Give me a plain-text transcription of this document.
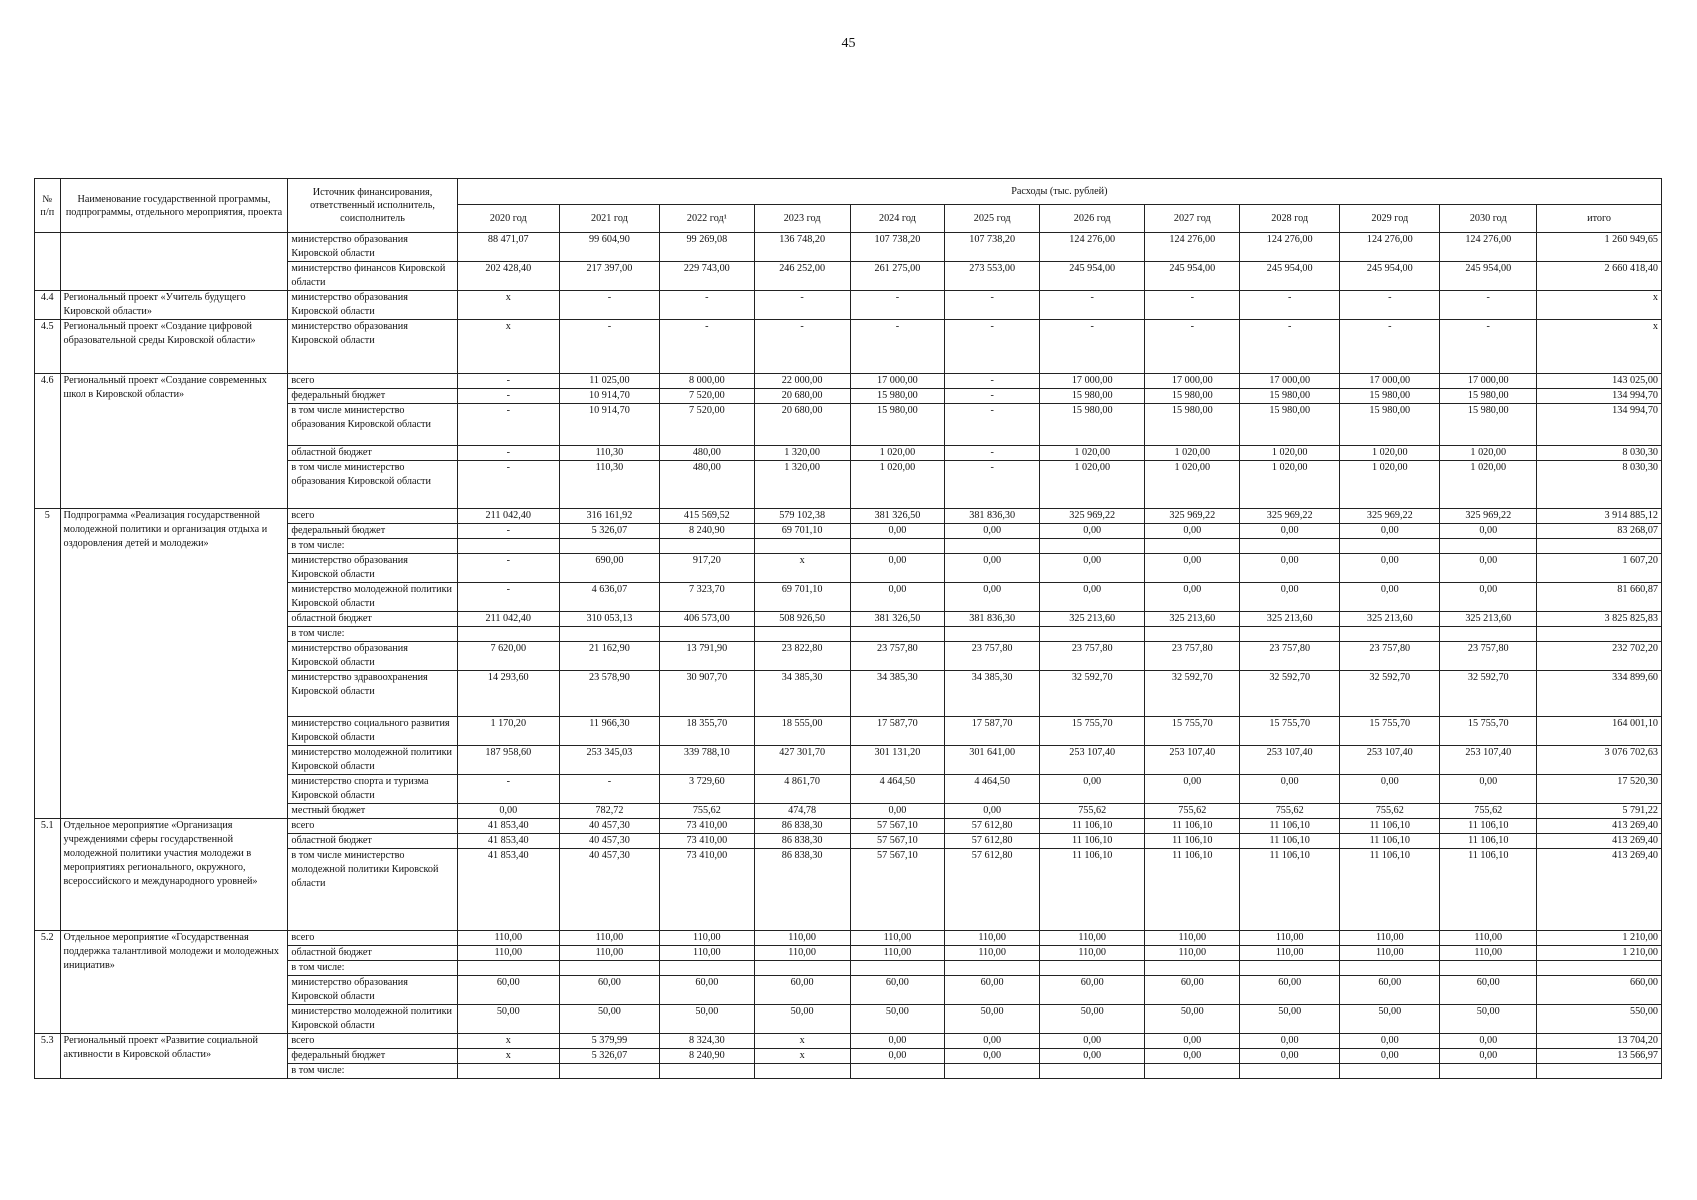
45
№ п/п	Наименование государственной программы, подпрограммы, отдельного мероприятия, проекта	Источник финансирования, ответственный исполнитель, соисполнитель	Расходы (тыс. рублей)											
			2020 год	2021 год	2022 год¹	2023 год	2024 год	2025 год	2026 год	2027 год	2028 год	2029 год	2030 год	итого
		министерство образования Кировской области	88 471,07	99 604,90	99 269,08	136 748,20	107 738,20	107 738,20	124 276,00	124 276,00	124 276,00	124 276,00	124 276,00	1 260 949,65
		министерство финансов Кировской области	202 428,40	217 397,00	229 743,00	246 252,00	261 275,00	273 553,00	245 954,00	245 954,00	245 954,00	245 954,00	245 954,00	2 660 418,40
4.4	Региональный проект «Учитель будущего Кировской области»	министерство образования Кировской области	x	-	-	-	-	-	-	-	-	-	-	x
4.5	Региональный проект «Создание цифровой образовательной среды Кировской области»	министерство образования Кировской области	x	-	-	-	-	-	-	-	-	-	-	x
4.6	Региональный проект «Создание современных школ в Кировской области»	всего	-	11 025,00	8 000,00	22 000,00	17 000,00	-	17 000,00	17 000,00	17 000,00	17 000,00	17 000,00	143 025,00
		федеральный бюджет	-	10 914,70	7 520,00	20 680,00	15 980,00	-	15 980,00	15 980,00	15 980,00	15 980,00	15 980,00	134 994,70
		в том числе министерство образования Кировской области	-	10 914,70	7 520,00	20 680,00	15 980,00	-	15 980,00	15 980,00	15 980,00	15 980,00	15 980,00	134 994,70
		областной бюджет	-	110,30	480,00	1 320,00	1 020,00	-	1 020,00	1 020,00	1 020,00	1 020,00	1 020,00	8 030,30
		в том числе министерство образования Кировской области	-	110,30	480,00	1 320,00	1 020,00	-	1 020,00	1 020,00	1 020,00	1 020,00	1 020,00	8 030,30
5	Подпрограмма «Реализация государственной молодежной политики и организация отдыха и оздоровления детей и молодежи»	всего	211 042,40	316 161,92	415 569,52	579 102,38	381 326,50	381 836,30	325 969,22	325 969,22	325 969,22	325 969,22	325 969,22	3 914 885,12
		федеральный бюджет	-	5 326,07	8 240,90	69 701,10	0,00	0,00	0,00	0,00	0,00	0,00	0,00	83 268,07
		в том числе:												
		министерство образования Кировской области	-	690,00	917,20	x	0,00	0,00	0,00	0,00	0,00	0,00	0,00	1 607,20
		министерство молодежной политики Кировской области	-	4 636,07	7 323,70	69 701,10	0,00	0,00	0,00	0,00	0,00	0,00	0,00	81 660,87
		областной бюджет	211 042,40	310 053,13	406 573,00	508 926,50	381 326,50	381 836,30	325 213,60	325 213,60	325 213,60	325 213,60	325 213,60	3 825 825,83
		в том числе:												
		министерство образования Кировской области	7 620,00	21 162,90	13 791,90	23 822,80	23 757,80	23 757,80	23 757,80	23 757,80	23 757,80	23 757,80	23 757,80	232 702,20
		министерство здравоохранения Кировской области	14 293,60	23 578,90	30 907,70	34 385,30	34 385,30	34 385,30	32 592,70	32 592,70	32 592,70	32 592,70	32 592,70	334 899,60
		министерство социального развития Кировской области	1 170,20	11 966,30	18 355,70	18 555,00	17 587,70	17 587,70	15 755,70	15 755,70	15 755,70	15 755,70	15 755,70	164 001,10
		министерство молодежной политики Кировской области	187 958,60	253 345,03	339 788,10	427 301,70	301 131,20	301 641,00	253 107,40	253 107,40	253 107,40	253 107,40	253 107,40	3 076 702,63
		министерство спорта и туризма Кировской области	-	-	3 729,60	4 861,70	4 464,50	4 464,50	0,00	0,00	0,00	0,00	0,00	17 520,30
		местный бюджет	0,00	782,72	755,62	474,78	0,00	0,00	755,62	755,62	755,62	755,62	755,62	5 791,22
5.1	Отдельное мероприятие «Организация учреждениями сферы государственной молодежной политики участия молодежи в мероприятиях регионального, окружного, всероссийского и международного уровней»	всего	41 853,40	40 457,30	73 410,00	86 838,30	57 567,10	57 612,80	11 106,10	11 106,10	11 106,10	11 106,10	11 106,10	413 269,40
		областной бюджет	41 853,40	40 457,30	73 410,00	86 838,30	57 567,10	57 612,80	11 106,10	11 106,10	11 106,10	11 106,10	11 106,10	413 269,40
		в том числе министерство молодежной политики Кировской области	41 853,40	40 457,30	73 410,00	86 838,30	57 567,10	57 612,80	11 106,10	11 106,10	11 106,10	11 106,10	11 106,10	413 269,40
5.2	Отдельное мероприятие «Государственная поддержка талантливой молодежи и молодежных инициатив»	всего	110,00	110,00	110,00	110,00	110,00	110,00	110,00	110,00	110,00	110,00	110,00	1 210,00
		областной бюджет	110,00	110,00	110,00	110,00	110,00	110,00	110,00	110,00	110,00	110,00	110,00	1 210,00
		в том числе:												
		министерство образования Кировской области	60,00	60,00	60,00	60,00	60,00	60,00	60,00	60,00	60,00	60,00	60,00	660,00
		министерство молодежной политики Кировской области	50,00	50,00	50,00	50,00	50,00	50,00	50,00	50,00	50,00	50,00	50,00	550,00
5.3	Региональный проект «Развитие социальной активности в Кировской области»	всего	x	5 379,99	8 324,30	x	0,00	0,00	0,00	0,00	0,00	0,00	0,00	13 704,20
		федеральный бюджет	x	5 326,07	8 240,90	x	0,00	0,00	0,00	0,00	0,00	0,00	0,00	13 566,97
		в том числе:												
